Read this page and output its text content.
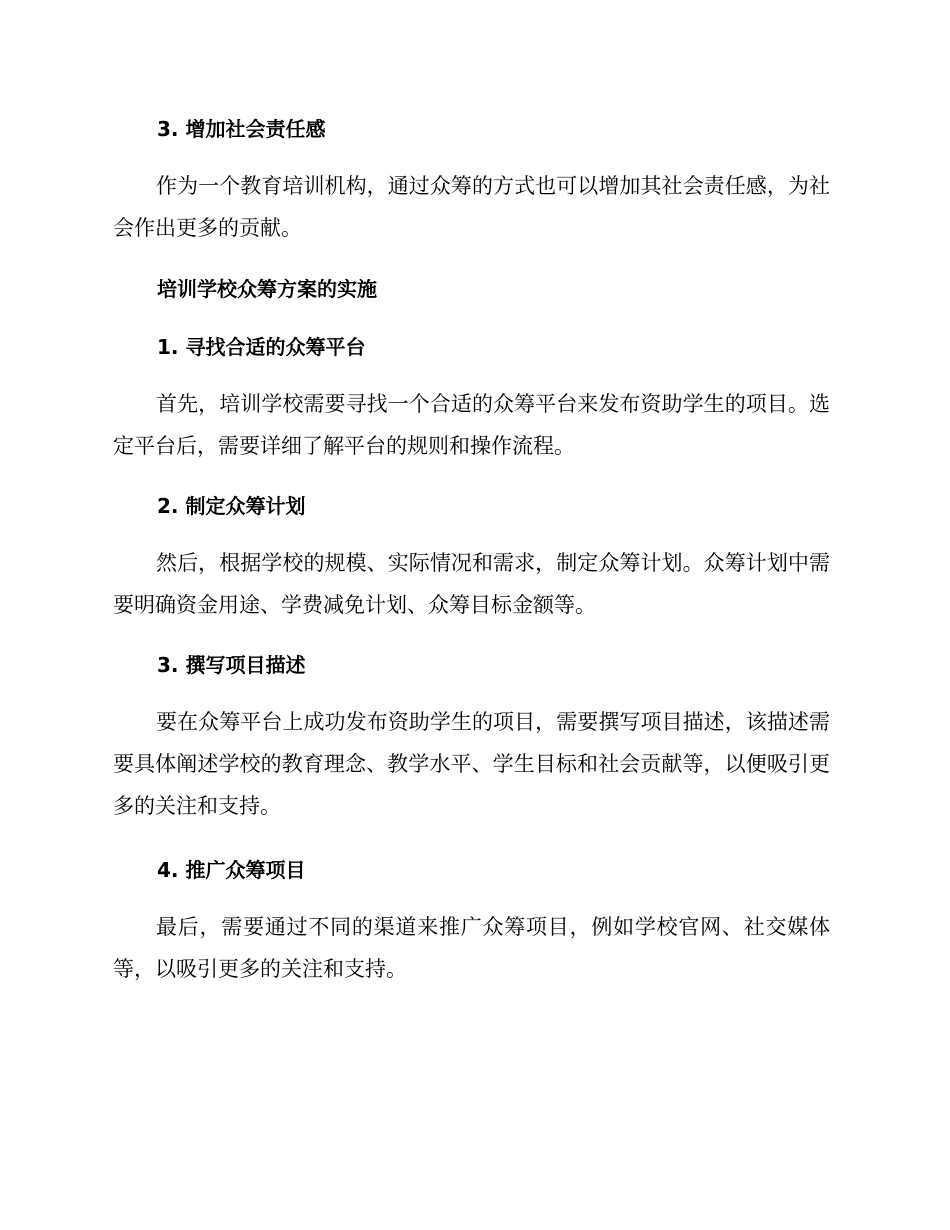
3. 增加社会责任感

作为一个教育培训机构，通过众筹的方式也可以增加其社会责任感，为社会作出更多的贡献。

培训学校众筹方案的实施
1. 寻找合适的众筹平台

首先，培训学校需要寻找一个合适的众筹平台来发布资助学生的项目。选定平台后，需要详细了解平台的规则和操作流程。

2. 制定众筹计划

然后，根据学校的规模、实际情况和需求，制定众筹计划。众筹计划中需要明确资金用途、学费减免计划、众筹目标金额等。

3. 撰写项目描述

要在众筹平台上成功发布资助学生的项目，需要撰写项目描述，该描述需要具体阐述学校的教育理念、教学水平、学生目标和社会贡献等，以便吸引更多的关注和支持。

4. 推广众筹项目

最后，需要通过不同的渠道来推广众筹项目，例如学校官网、社交媒体等，以吸引更多的关注和支持。
